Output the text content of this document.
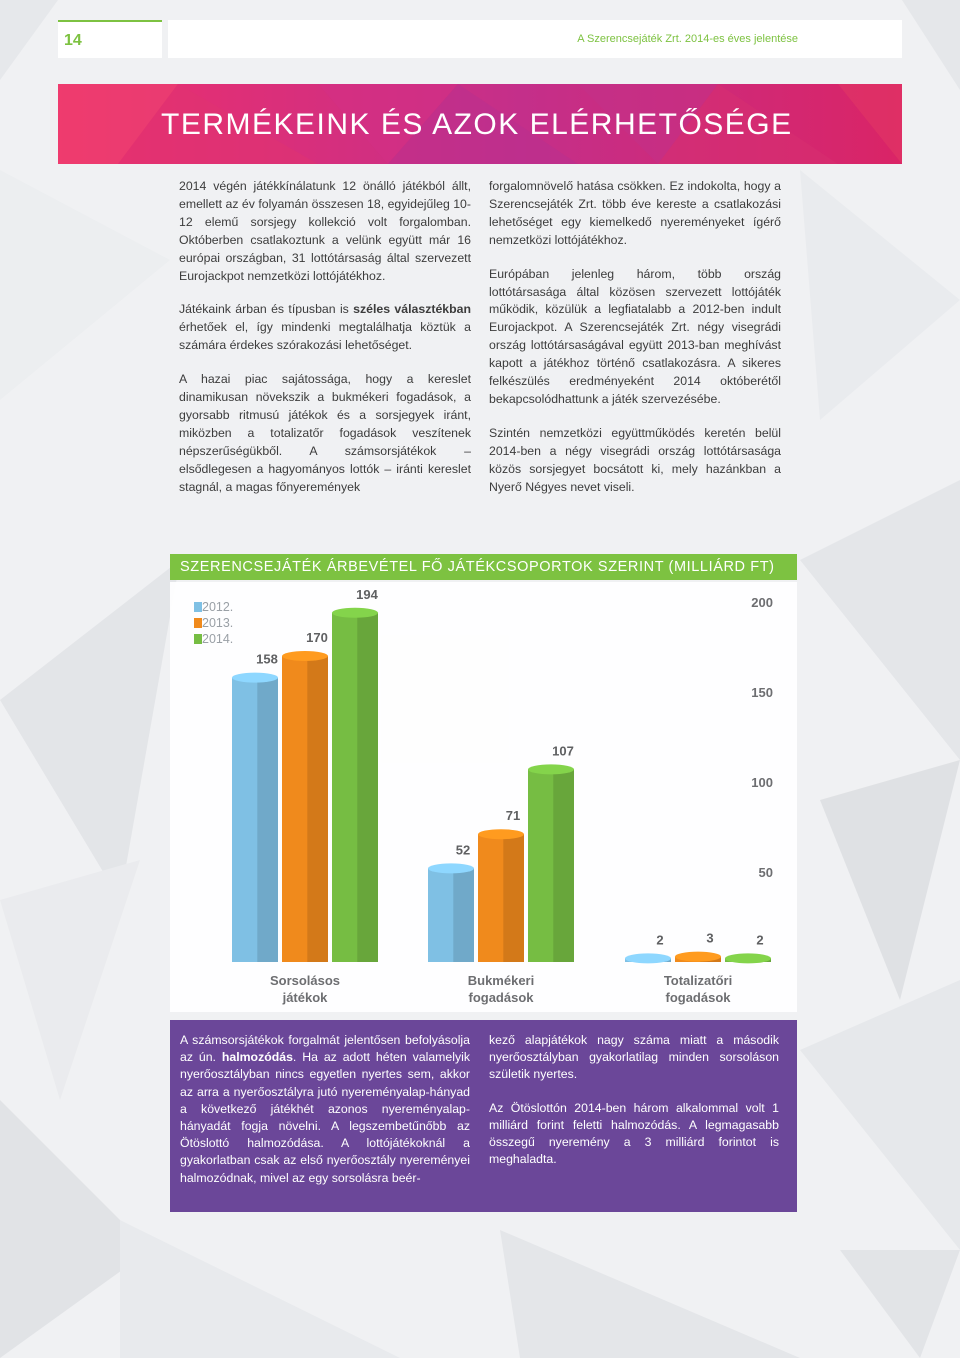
14	A Szerencsejáték Zrt. 2014-es éves jelentése
TERMÉKEINK ÉS AZOK ELÉRHETŐSÉGE

2014 végén játékkínálatunk 12 önálló játékból állt, emellett az év folyamán összesen 18, egyidejűleg 10-12 elemű sorsjegy kollekció volt forgalomban. Októberben csatlakoztunk a velünk együtt már 16 európai országban, 31 lottótársaság által szervezett Eurojackpot nemzetközi lottójátékhoz.

Játékaink árban és típusban is széles választékban érhetőek el, így mindenki megtalálhatja köztük a számára érdekes szórakozási lehetőséget.

A hazai piac sajátossága, hogy a kereslet dinamikusan növekszik a bukmékeri fogadások, a gyorsabb ritmusú játékok és a sorsjegyek iránt, miközben a totalizatőr fogadások veszítenek népszerűségükből. A számsorsjátékok – elsődlegesen a hagyományos lottók – iránti kereslet stagnál, a magas főnyeremények

forgalomnövelő hatása csökken. Ez indokolta, hogy a Szerencsejáték Zrt. több éve kereste a csatlakozási lehetőséget egy kiemelkedő nyereményeket ígérő nemzetközi lottójátékhoz.

Európában jelenleg három, több ország lottótársasága által közösen szervezett lottójáték működik, közülük a legfiatalabb a 2012-ben indult Eurojackpot. A Szerencsejáték Zrt. négy visegrádi ország lottótársaságával együtt 2013-ban meghívást kapott a játékhoz történő csatlakozásra. A sikeres felkészülés eredményeként 2014 októberétől bekapcsolódhattunk a játék szervezésébe.

Szintén nemzetközi együttműködés keretén belül 2014-ben a négy visegrádi ország lottótársasága közös sorsjegyet bocsátott ki, mely hazánkban a Nyerő Négyes nevet viseli.

SZERENCSEJÁTÉK ÁRBEVÉTEL FŐ JÁTÉKCSOPORTOK SZERINT (MILLIÁRD FT)
50
100
150
200
158
170
194
52
71
107
2	3	2
2012.
2013.
2014.
Sorsolásos
játékok
Bukmékeri
fogadások
Totalizatőri
fogadások

A számsorsjátékok forgalmát jelentősen befolyásolja az ún. halmozódás. Ha az adott héten valamelyik nyerőosztályban nincs egyetlen nyertes sem, akkor az arra a nyerőosztályra jutó nyereményalap-hányad a következő játékhét azonos nyereményalap-hányadát fogja növelni. A legszembetűnőbb az Ötöslottó halmozódása. A lottójátékoknál a gyakorlatban csak az első nyerőosztály nyereményei halmozódnak, mivel az egy sorsolásra beér-

kező alapjátékok nagy száma miatt a második nyerőosztályban gyakorlatilag minden sorsoláson születik nyertes.

Az Ötöslottón 2014-ben három alkalommal volt 1 milliárd forint feletti halmozódás. A legmagasabb összegű nyeremény a 3 milliárd forintot is meghaladta.
